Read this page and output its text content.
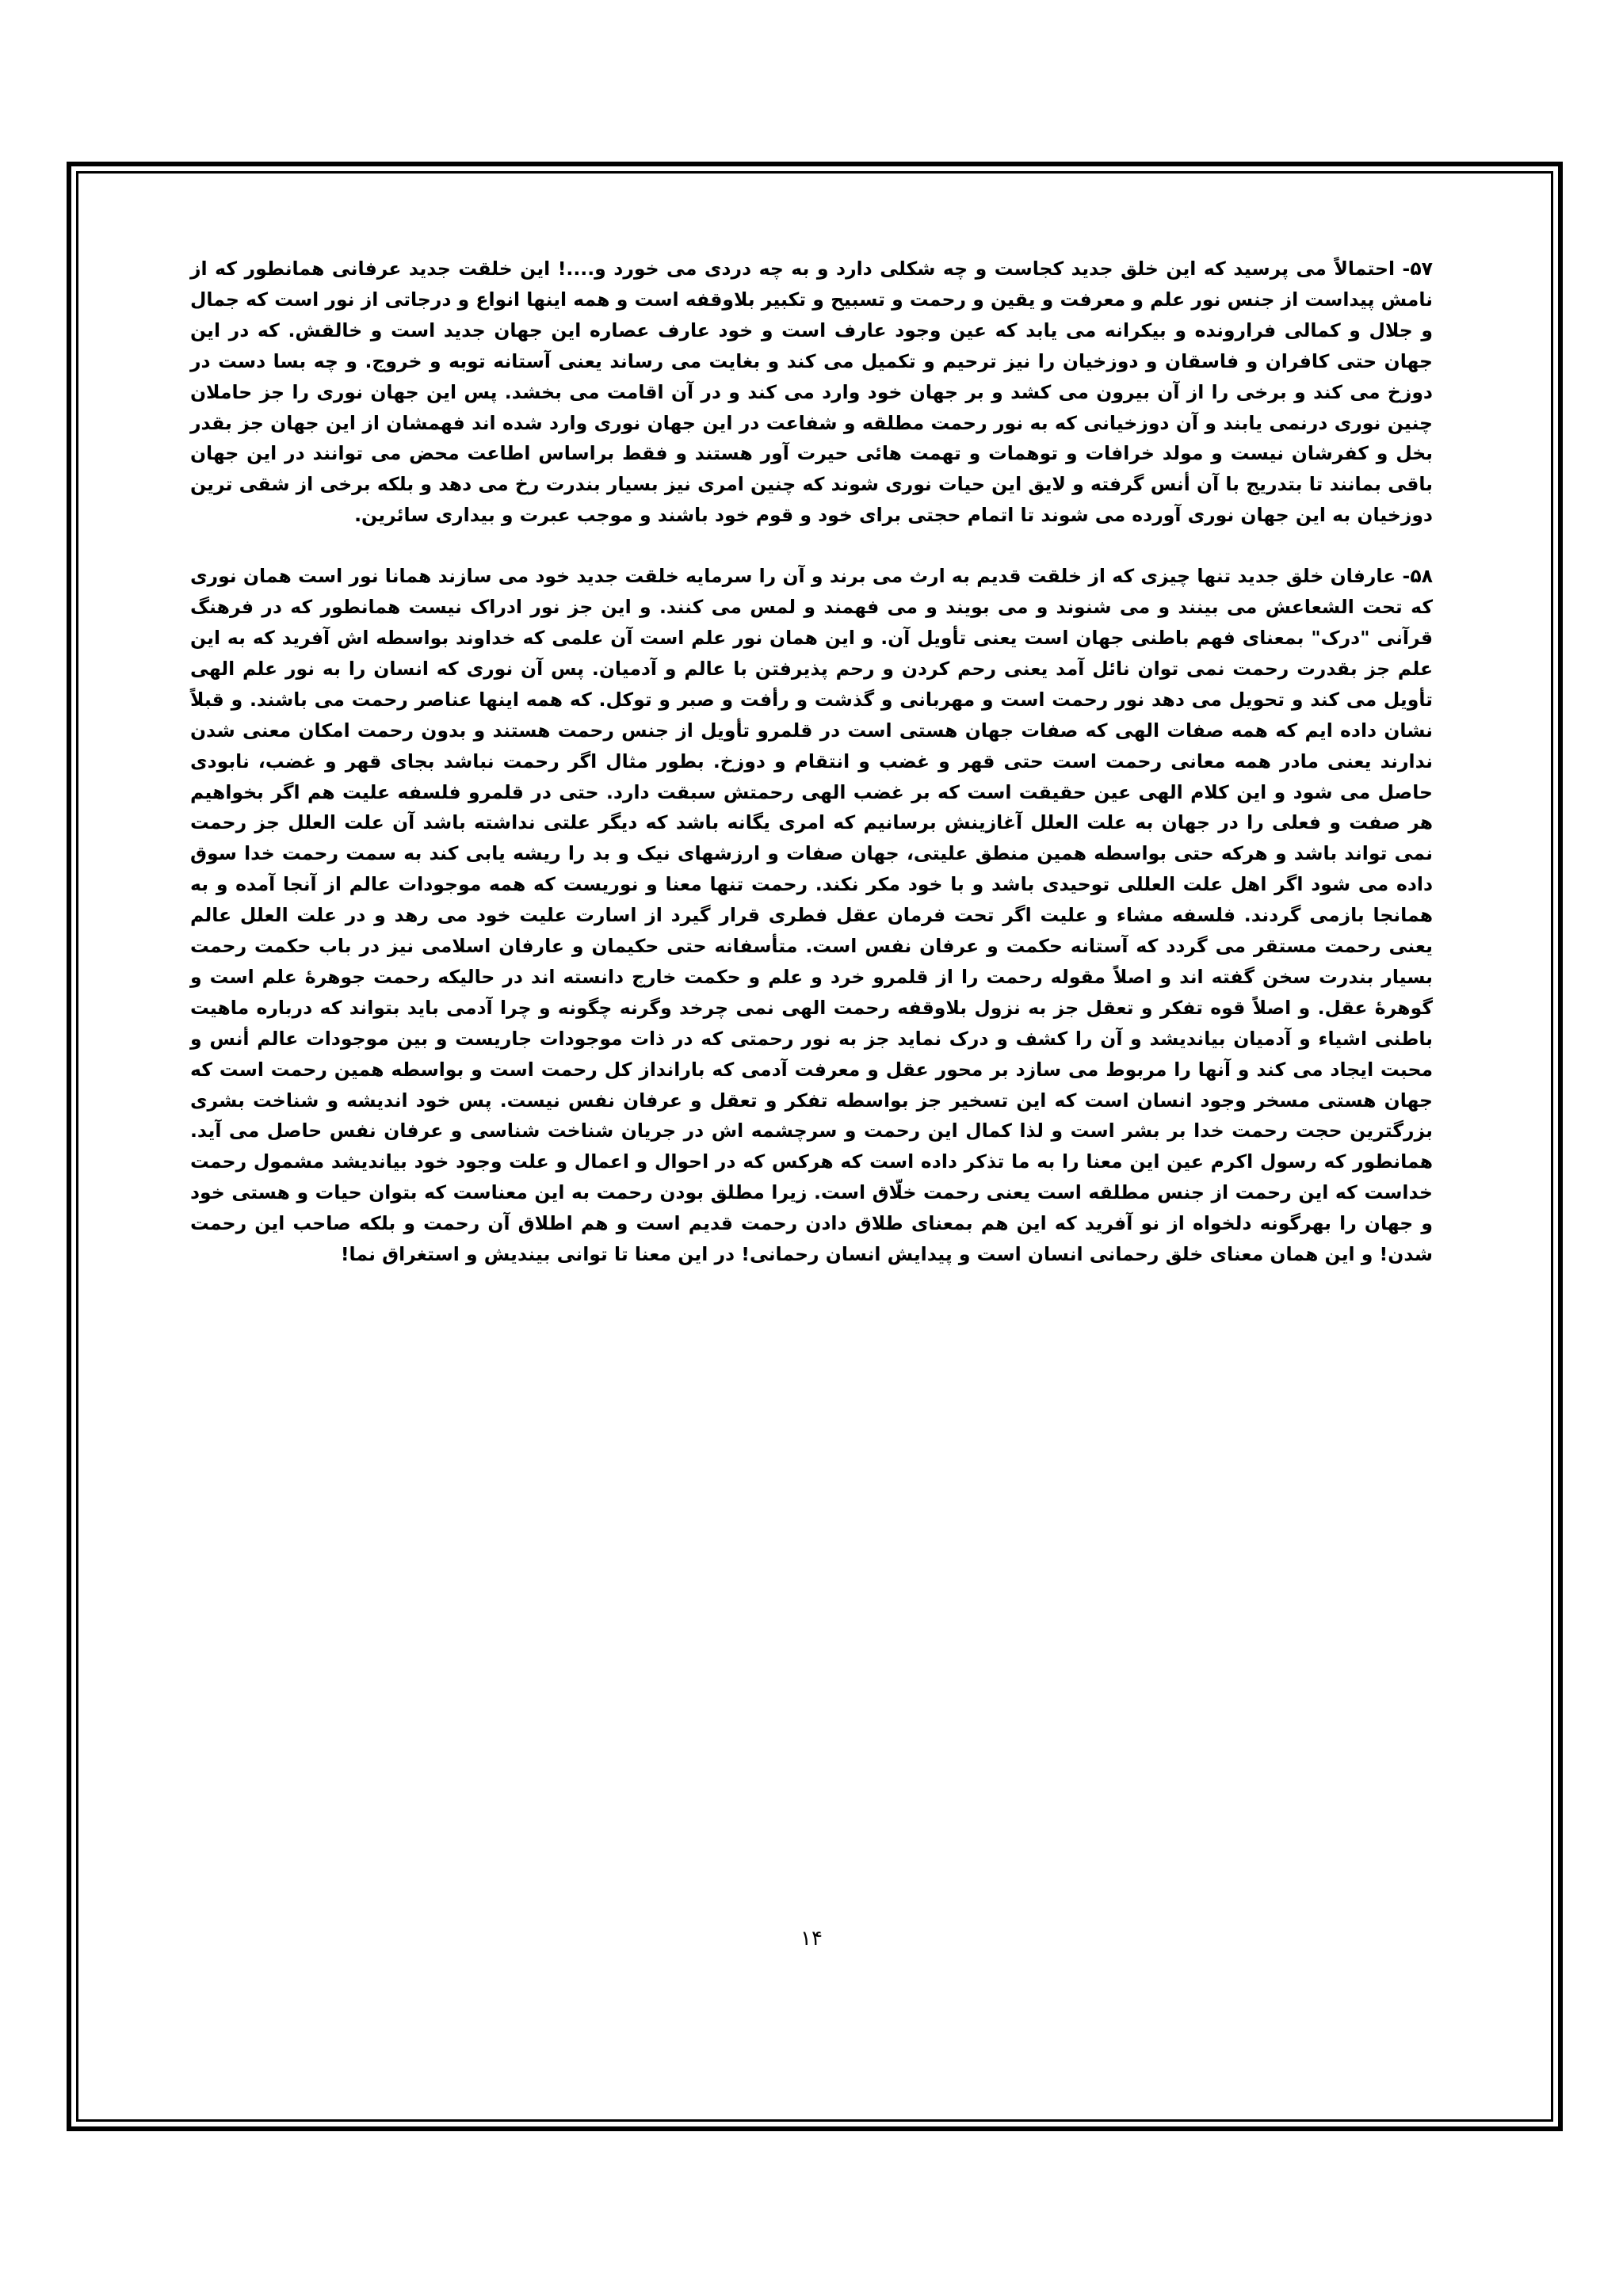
۵۷- احتمالاً می پرسید که این خلق جدید کجاست و چه شکلی دارد و به چه دردی می خورد و....! این خلقت جدید عرفانی همانطور که از نامش پیداست از جنس نور علم و معرفت و یقین و رحمت و تسبیح و تکبیر بلاوقفه است و همه اینها انواع و درجاتی از نور است که جمال و جلال و کمالی فرارونده و بیکرانه می یابد که عین وجود عارف است و خود عارف عصاره این جهان جدید است و خالقش. که در این جهان حتی کافران و فاسقان و دوزخیان را نیز ترحیم و تکمیل می کند و بغایت می رساند یعنی آستانه توبه و خروج. و چه بسا دست در دوزخ می کند و برخی را از آن بیرون می کشد و بر جهان خود وارد می کند و در آن اقامت می بخشد. پس این جهان نوری را جز حاملان چنین نوری درنمی یابند و آن دوزخیانی که به نور رحمت مطلقه و شفاعت در این جهان نوری وارد شده اند فهمشان از این جهان جز بقدر بخل و کفرشان نیست و مولد خرافات و توهمات و تهمت هائی حیرت آور هستند و فقط براساس اطاعت محض می توانند در این جهان باقی بمانند تا بتدریج با آن أنس گرفته و لایق این حیات نوری شوند که چنین امری نیز بسیار بندرت رخ می دهد و بلکه برخی از شقی ترین دوزخیان به این جهان نوری آورده می شوند تا اتمام حجتی برای خود و قوم خود باشند و موجب عبرت و بیداری سائرین.

۵۸- عارفان خلق جدید تنها چیزی که از خلقت قدیم به ارث می برند و آن را سرمایه خلقت جدید خود می سازند همانا نور است همان نوری که تحت الشعاعش می بینند و می شنوند و می بویند و می فهمند و لمس می کنند. و این جز نور ادراک نیست همانطور که در فرهنگ قرآنی "درک" بمعنای فهم باطنی جهان است یعنی تأویل آن. و این همان نور علم است آن علمی که خداوند بواسطه اش آفرید که به این علم جز بقدرت رحمت نمی توان نائل آمد یعنی رحم کردن و رحم پذیرفتن با عالم و آدمیان. پس آن نوری که انسان را به نور علم الهی تأویل می کند و تحویل می دهد نور رحمت است و مهربانی و گذشت و رأفت و صبر و توکل. که همه اینها عناصر رحمت می باشند. و قبلاً نشان داده ایم که همه صفات الهی که صفات جهان هستی است در قلمرو تأویل از جنس رحمت هستند و بدون رحمت امکان معنی شدن ندارند یعنی مادر همه معانی رحمت است حتی قهر و غضب و انتقام و دوزخ. بطور مثال اگر رحمت نباشد بجای قهر و غضب، نابودی حاصل می شود و این کلام الهی عین حقیقت است که بر غضب الهی رحمتش سبقت دارد. حتی در قلمرو فلسفه علیت هم اگر بخواهیم هر صفت و فعلی را در جهان به علت العلل آغازینش برسانیم که امری یگانه باشد که دیگر علتی نداشته باشد آن علت العلل جز رحمت نمی تواند باشد و هرکه حتی بواسطه همین منطق علیتی، جهان صفات و ارزشهای نیک و بد را ریشه یابی کند به سمت رحمت خدا سوق داده می شود اگر اهل علت العللی توحیدی باشد و با خود مکر نکند. رحمت تنها معنا و نوریست که همه موجودات عالم از آنجا آمده و به همانجا بازمی گردند. فلسفه مشاء و علیت اگر تحت فرمان عقل فطری قرار گیرد از اسارت علیت خود می رهد و در علت العلل عالم یعنی رحمت مستقر می گردد که آستانه حکمت و عرفان نفس است. متأسفانه حتی حکیمان و عارفان اسلامی نیز در باب حکمت رحمت بسیار بندرت سخن گفته اند و اصلاً مقوله رحمت را از قلمرو خرد و علم و حکمت خارج دانسته اند در حالیکه رحمت جوهرۀ علم است و گوهرۀ عقل. و اصلاً قوه تفکر و تعقل جز به نزول بلاوقفه رحمت الهی نمی چرخد وگرنه چگونه و چرا آدمی باید بتواند که درباره ماهیت باطنی اشیاء و آدمیان بیاندیشد و آن را کشف و درک نماید جز به نور رحمتی که در ذات موجودات جاریست و بین موجودات عالم أنس و محبت ایجاد می کند و آنها را مربوط می سازد بر محور عقل و معرفت آدمی که بارانداز کل رحمت است و بواسطه همین رحمت است که جهان هستی مسخر وجود انسان است که این تسخیر جز بواسطه تفکر و تعقل و عرفان نفس نیست. پس خود اندیشه و شناخت بشری بزرگترین حجت رحمت خدا بر بشر است و لذا کمال این رحمت و سرچشمه اش در جریان شناخت شناسی و عرفان نفس حاصل می آید. همانطور که رسول اکرم عین این معنا را به ما تذکر داده است که هرکس که در احوال و اعمال و علت وجود خود بیاندیشد مشمول رحمت خداست که این رحمت از جنس مطلقه است یعنی رحمت خلّاق است. زیرا مطلق بودن رحمت به این معناست که بتوان حیات و هستی خود و جهان را بهرگونه دلخواه از نو آفرید که این هم بمعنای طلاق دادن رحمت قدیم است و هم اطلاق آن رحمت و بلکه صاحب این رحمت شدن! و این همان معنای خلق رحمانی انسان است و پیدایش انسان رحمانی! در این معنا تا توانی بیندیش و استغراق نما!

۱۴
